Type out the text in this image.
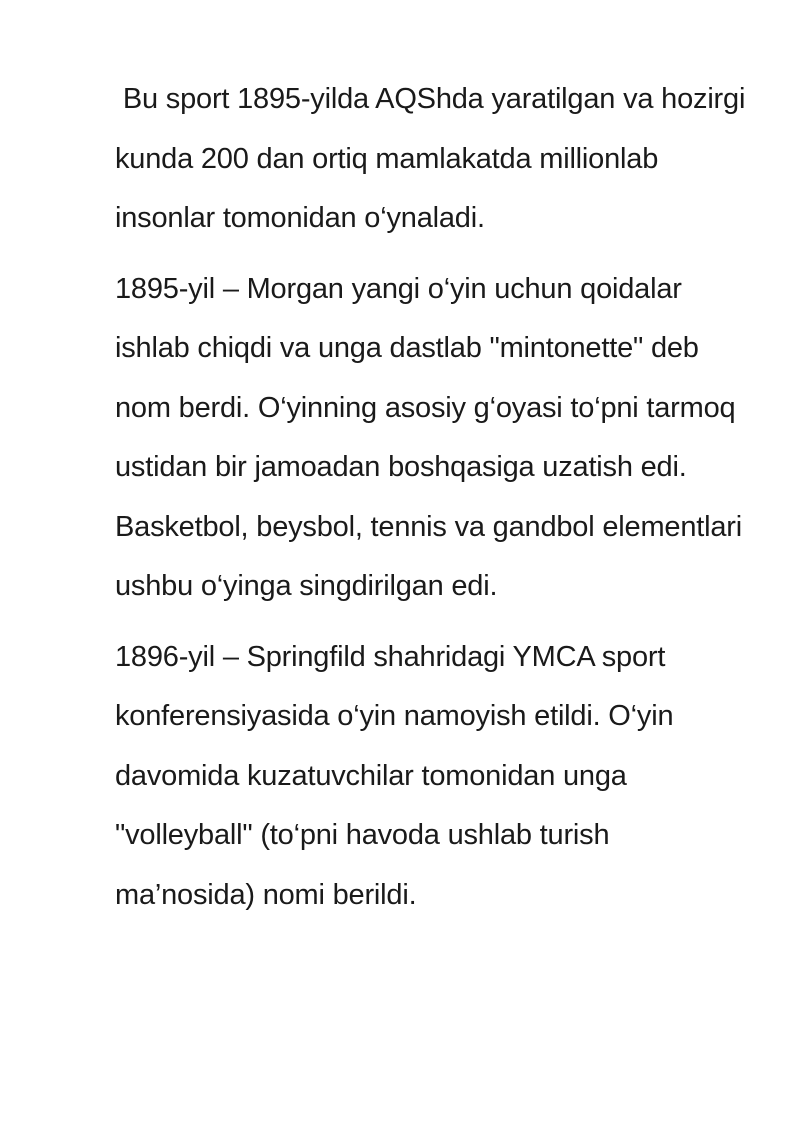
Bu sport 1895-yilda AQShda yaratilgan va hozirgi kunda 200 dan ortiq mamlakatda millionlab insonlar tomonidan o‘ynaladi.

1895-yil – Morgan yangi o‘yin uchun qoidalar ishlab chiqdi va unga dastlab "mintonette" deb nom berdi. O‘yinning asosiy g‘oyasi to‘pni tarmoq ustidan bir jamoadan boshqasiga uzatish edi. Basketbol, beysbol, tennis va gandbol elementlari ushbu o‘yinga singdirilgan edi.

1896-yil – Springfild shahridagi YMCA sport konferensiyasida o‘yin namoyish etildi. O‘yin davomida kuzatuvchilar tomonidan unga "volleyball" (to‘pni havoda ushlab turish ma’nosida) nomi berildi.
